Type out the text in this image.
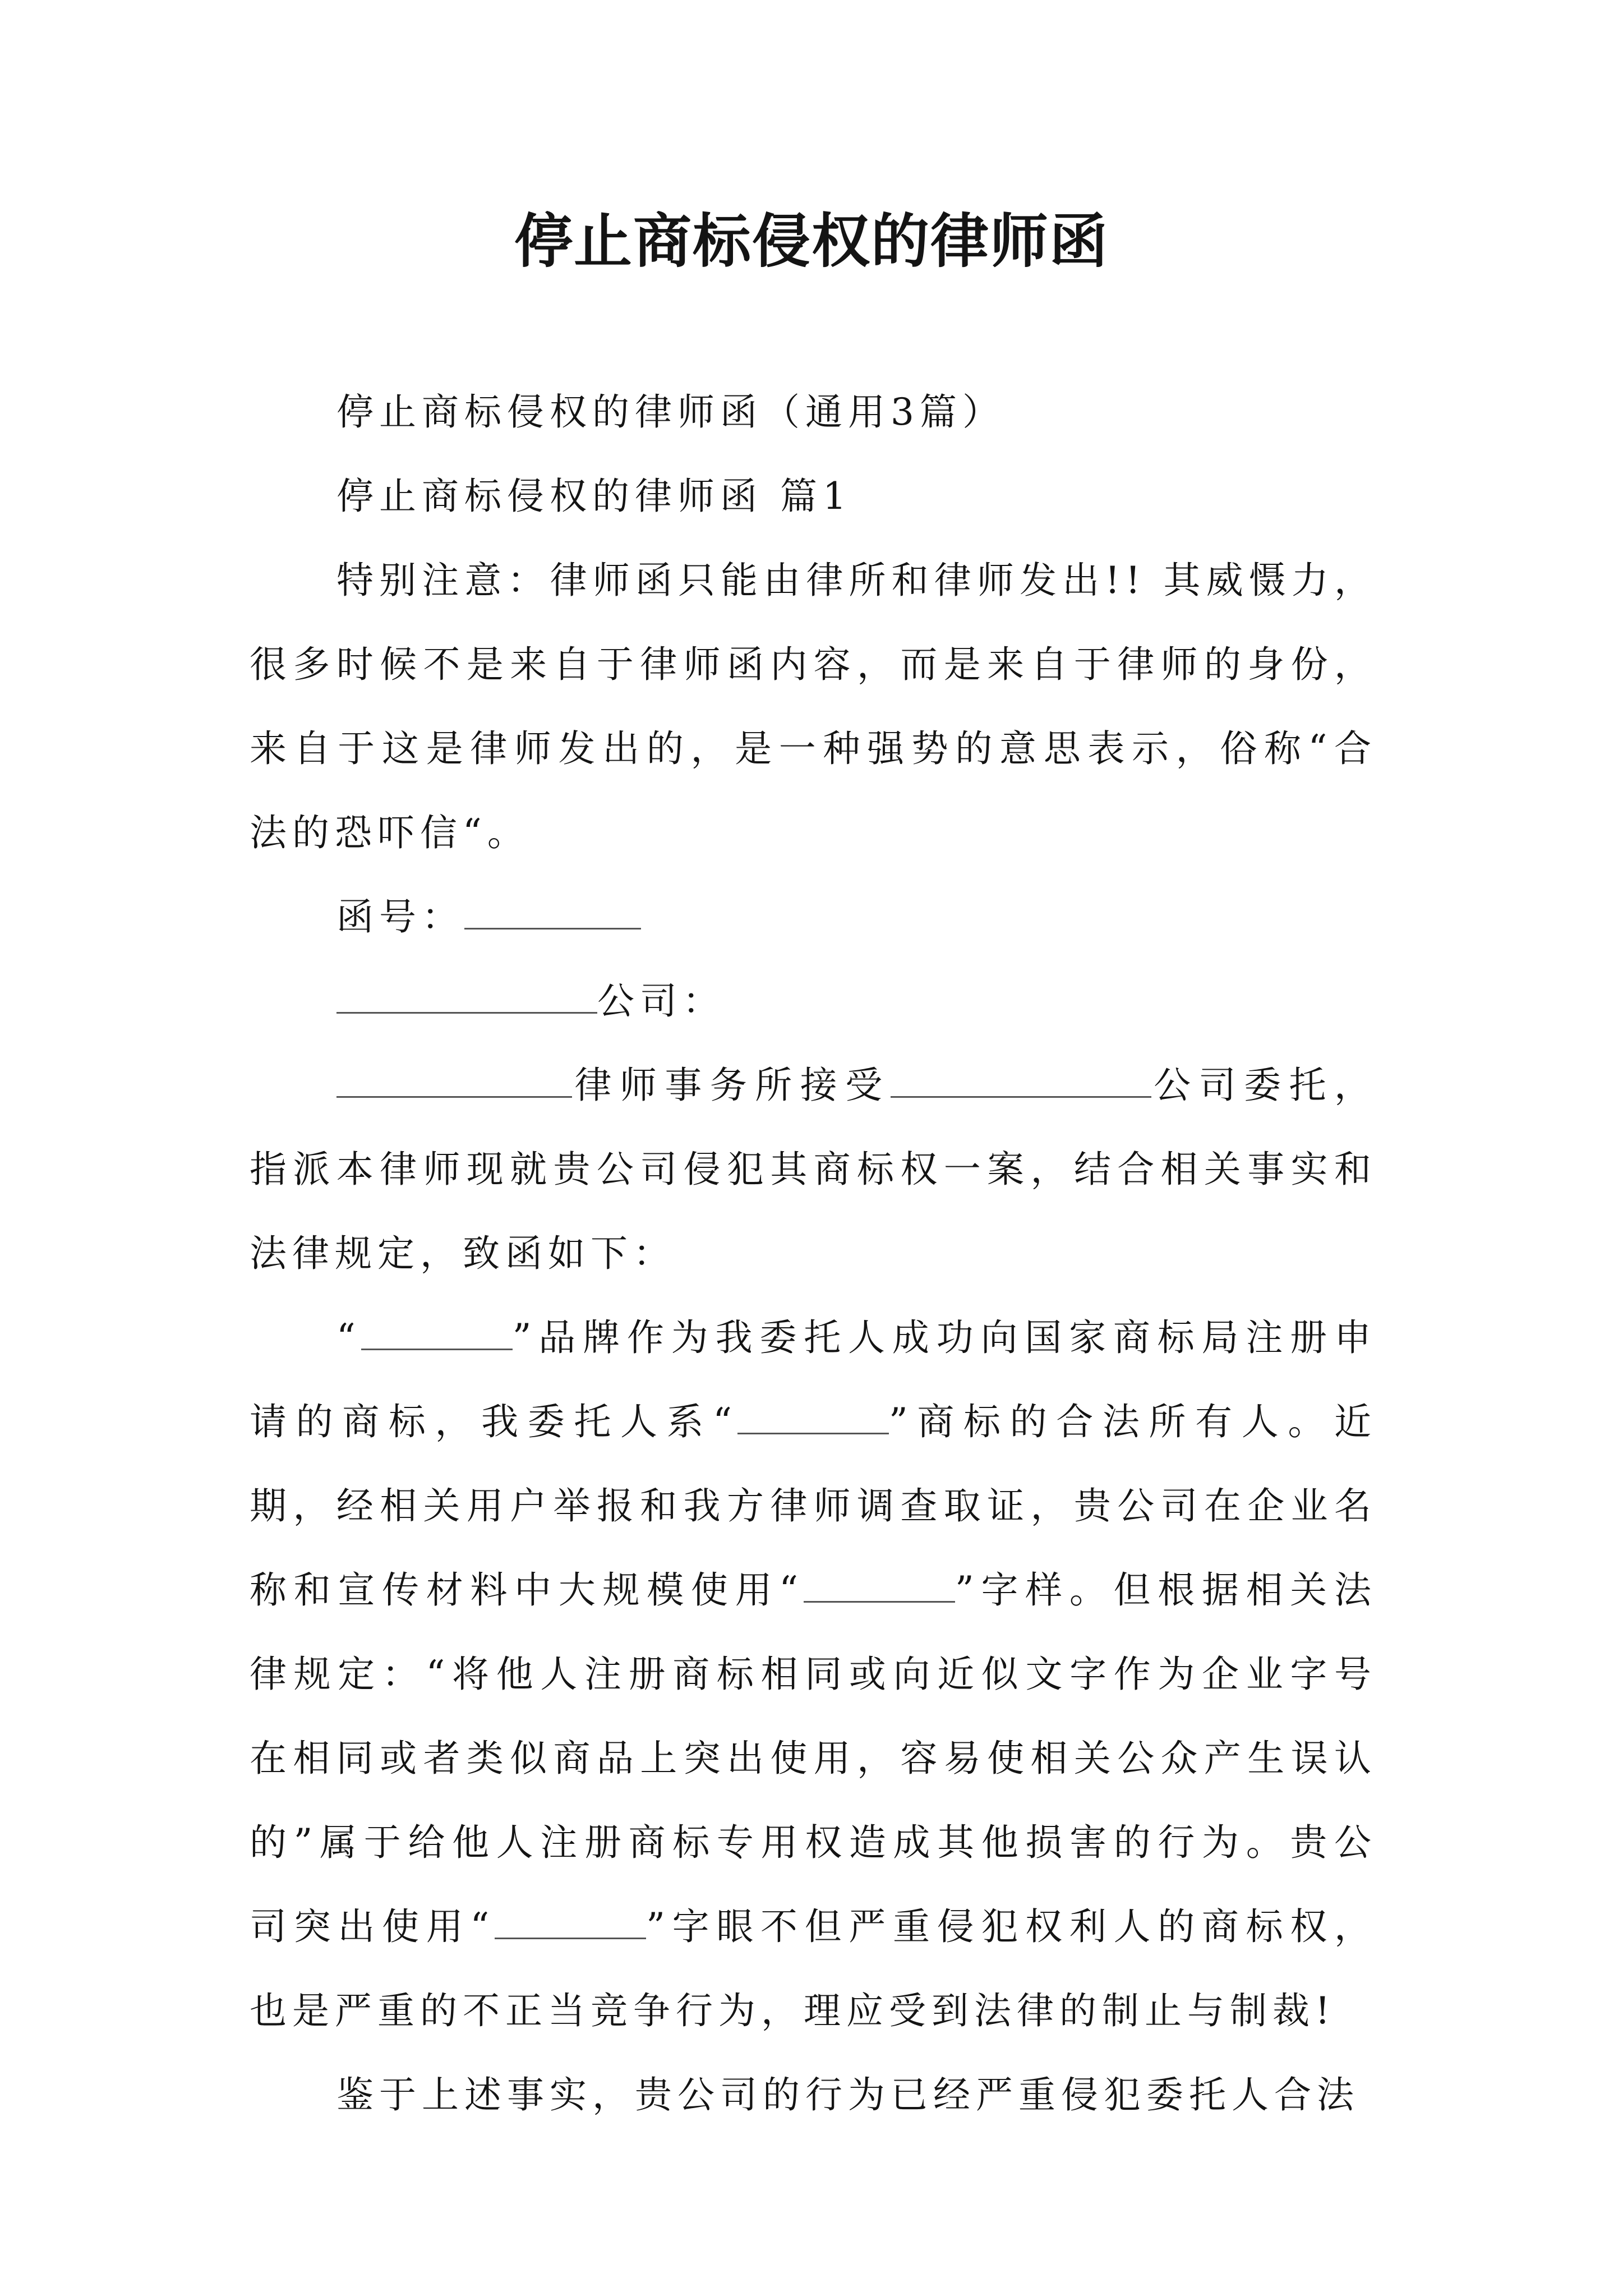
停止商标侵权的律师函

停止商标侵权的律师函（通用3篇）

停止商标侵权的律师函 篇1

特别注意：律师函只能由律所和律师发出!! 其威慑力，很多时候不是来自于律师函内容，而是来自于律师的身份，来自于这是律师发出的，是一种强势的意思表示，俗称“合法的恐吓信“。

函号：

公司：

律师事务所接受	公司委托，指派本律师现就贵公司侵犯其商标权一案，结合相关事实和法律规定，致函如下：

“	”品牌作为我委托人成功向国家商标局注册申请的商标，我委托人系“	”商标的合法所有人。近期，经相关用户举报和我方律师调查取证，贵公司在企业名称和宣传材料中大规模使用“	”字样。但根据相关法律规定：“将他人注册商标相同或向近似文字作为企业字号在相同或者类似商品上突出使用，容易使相关公众产生误认的”属于给他人注册商标专用权造成其他损害的行为。贵公司突出使用“	”字眼不但严重侵犯权利人的商标权，也是严重的不正当竞争行为，理应受到法律的制止与制裁!

鉴于上述事实，贵公司的行为已经严重侵犯委托人合法
